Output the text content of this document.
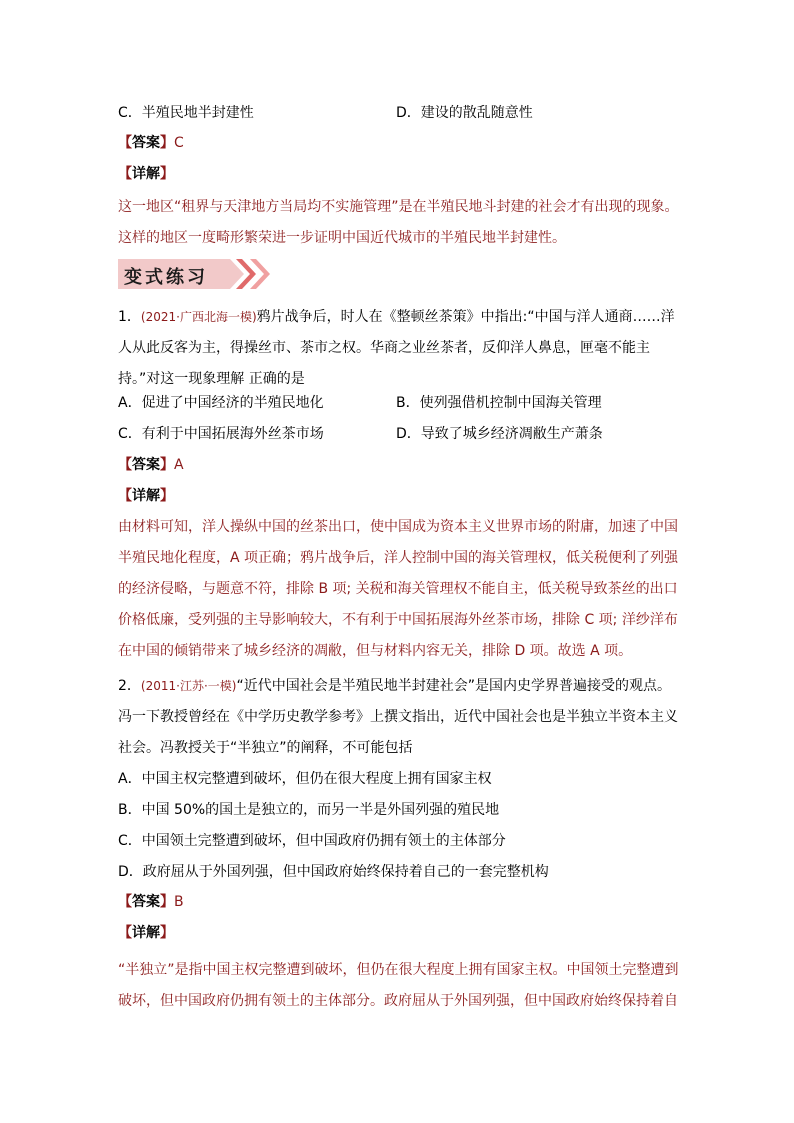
C．半殖民地半封建性	D．建设的散乱随意性
【答案】C
【详解】

这一地区“租界与天津地方当局均不实施管理”是在半殖民地斗封建的社会才有出现的现象。

这样的地区一度畸形繁荣进一步证明中国近代城市的半殖民地半封建性。

变式练习

1．(2021·广西北海一模)鸦片战争后，时人在《整顿丝茶策》中指出:“中国与洋人通商……洋

人从此反客为主，得操丝市、茶市之权。华商之业丝茶者，反仰洋人鼻息，匣毫不能主

持。”对这一现象理解 正确的是

A．促进了中国经济的半殖民地化	B．使列强借机控制中国海关管理
C．有利于中国拓展海外丝茶市场	D．导致了城乡经济凋敝生产萧条
【答案】A
【详解】

由材料可知，洋人操纵中国的丝茶出口，使中国成为资本主义世界市场的附庸，加速了中国

半殖民地化程度，A 项正确；鸦片战争后，洋人控制中国的海关管理权，低关税便利了列强

的经济侵略，与题意不符，排除 B 项; 关税和海关管理权不能自主，低关税导致茶丝的出口

价格低廉，受列强的主导影响较大，不有利于中国拓展海外丝茶市场，排除 C 项; 洋纱洋布

在中国的倾销带来了城乡经济的凋敝，但与材料内容无关，排除 D 项。故选 A 项。

2．(2011·江苏·一模)“近代中国社会是半殖民地半封建社会”是国内史学界普遍接受的观点。

冯一下教授曾经在《中学历史教学参考》上撰文指出，近代中国社会也是半独立半资本主义

社会。冯教授关于“半独立”的阐释，不可能包括

A．中国主权完整遭到破坏，但仍在很大程度上拥有国家主权

B．中国 50%的国土是独立的，而另一半是外国列强的殖民地

C．中国领土完整遭到破坏，但中国政府仍拥有领土的主体部分

D．政府屈从于外国列强，但中国政府始终保持着自己的一套完整机构

【答案】B
【详解】

“半独立”是指中国主权完整遭到破坏，但仍在很大程度上拥有国家主权。中国领土完整遭到

破坏，但中国政府仍拥有领土的主体部分。政府屈从于外国列强，但中国政府始终保持着自
